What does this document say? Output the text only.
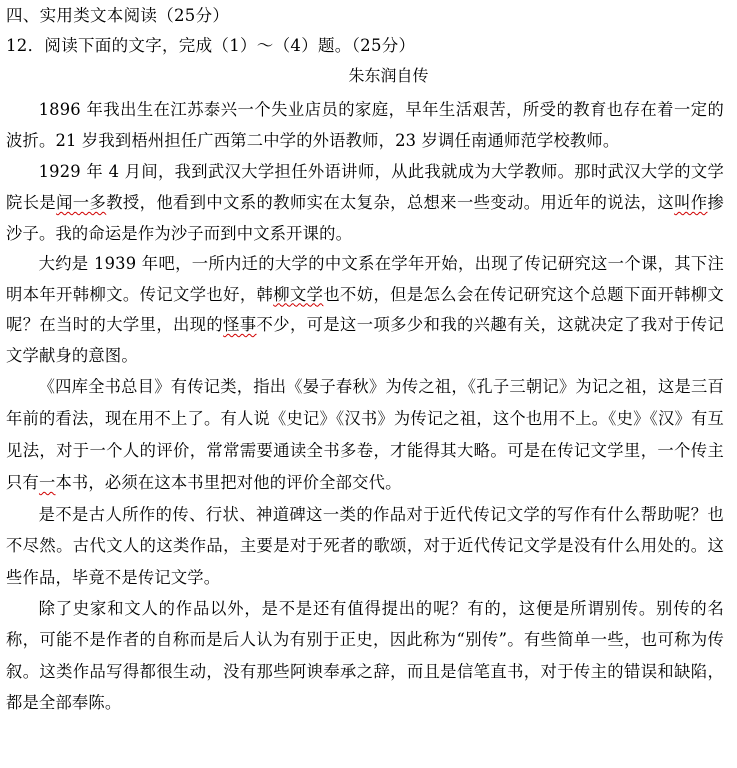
四、实用类文本阅读（25分）
12．阅读下面的文字，完成（1）～（4）题。（25分）
朱东润自传

1896 年我出生在江苏泰兴一个失业店员的家庭，早年生活艰苦，所受的教育也存在着一定的波折。21 岁我到梧州担任广西第二中学的外语教师，23 岁调任南通师范学校教师。

1929 年 4 月间，我到武汉大学担任外语讲师，从此我就成为大学教师。那时武汉大学的文学院长是闻一多教授，他看到中文系的教师实在太复杂，总想来一些变动。用近年的说法，这叫作掺沙子。我的命运是作为沙子而到中文系开课的。

大约是 1939 年吧，一所内迁的大学的中文系在学年开始，出现了传记研究这一个课，其下注明本年开韩柳文。传记文学也好，韩柳文学也不妨，但是怎么会在传记研究这个总题下面开韩柳文呢？在当时的大学里，出现的怪事不少，可是这一项多少和我的兴趣有关，这就决定了我对于传记文学献身的意图。

《四库全书总目》有传记类，指出《晏子春秋》为传之祖，《孔子三朝记》为记之祖，这是三百年前的看法，现在用不上了。有人说《史记》《汉书》为传记之祖，这个也用不上。《史》《汉》有互见法，对于一个人的评价，常常需要通读全书多卷，才能得其大略。可是在传记文学里，一个传主只有一本书，必须在这本书里把对他的评价全部交代。

是不是古人所作的传、行状、神道碑这一类的作品对于近代传记文学的写作有什么帮助呢？也不尽然。古代文人的这类作品，主要是对于死者的歌颂，对于近代传记文学是没有什么用处的。这些作品，毕竟不是传记文学。

除了史家和文人的作品以外，是不是还有值得提出的呢？有的，这便是所谓别传。别传的名称，可能不是作者的自称而是后人认为有别于正史，因此称为“别传”。有些简单一些，也可称为传叙。这类作品写得都很生动，没有那些阿谀奉承之辞，而且是信笔直书，对于传主的错误和缺陷，都是全部奉陈。
